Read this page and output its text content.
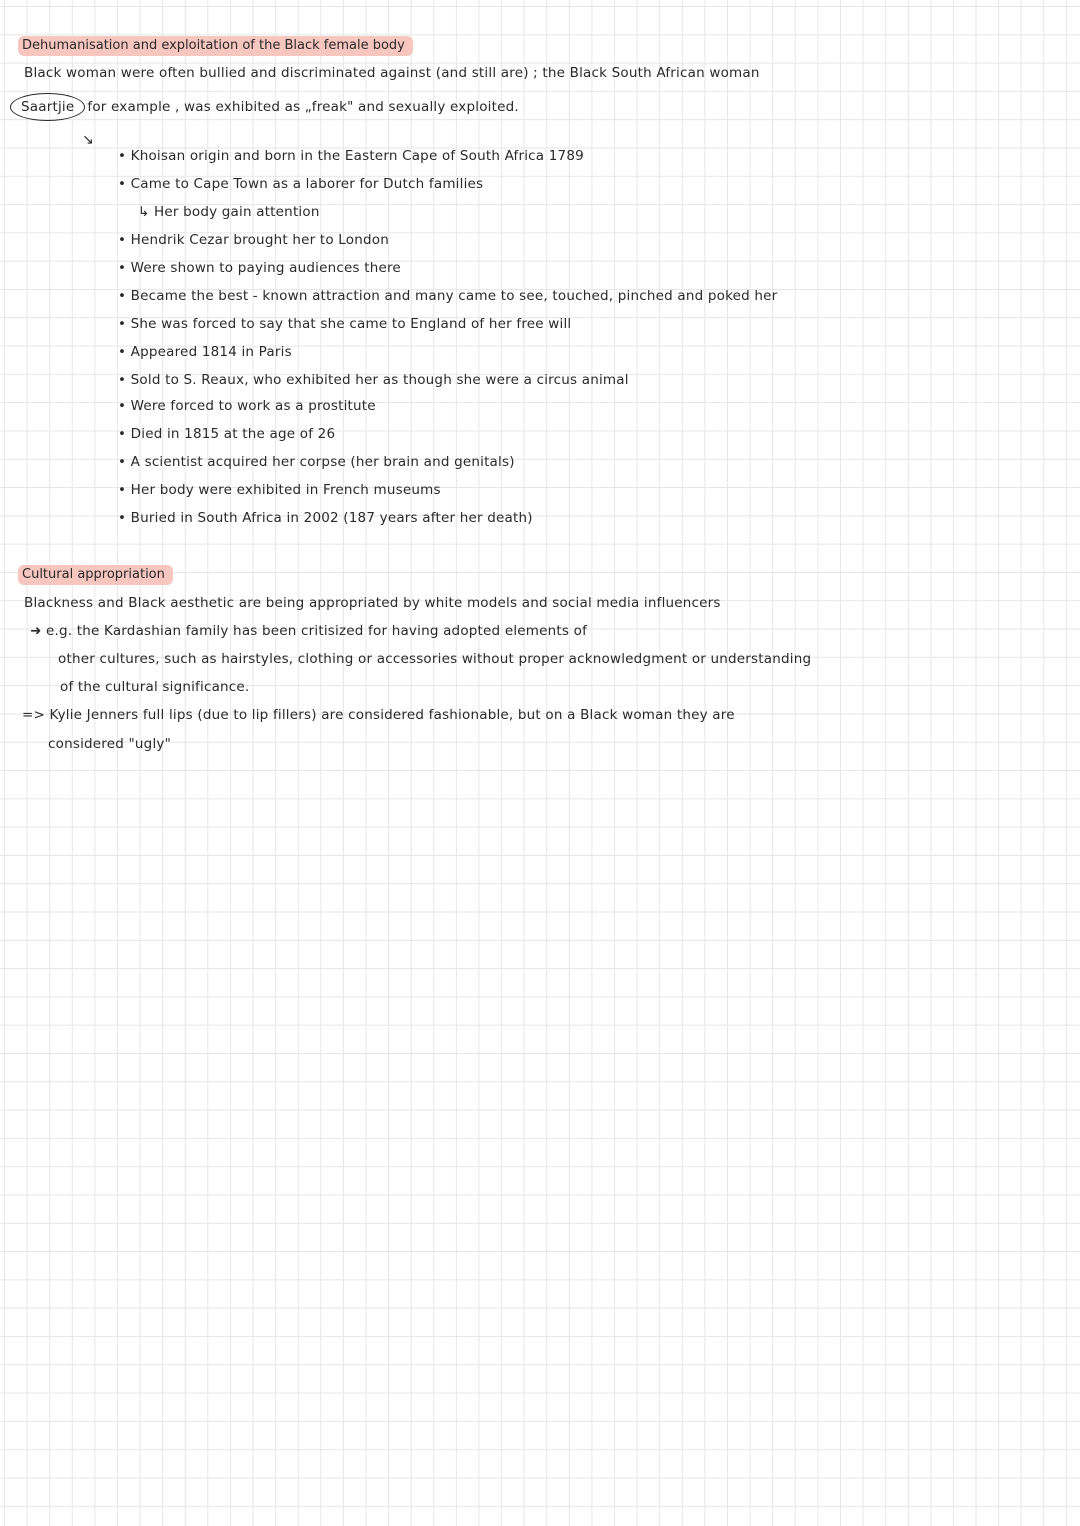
Dehumanisation and exploitation of the Black female body
Black woman were often bullied and discriminated against (and still are) ; the Black South African woman
Saartjie for example , was exhibited as „freak" and sexually exploited.
↘
• Khoisan origin and born in the Eastern Cape of South Africa 1789
• Came to Cape Town as a laborer for Dutch families
↳ Her body gain attention
• Hendrik Cezar brought her to London
• Were shown to paying audiences there
• Became the best - known attraction and many came to see, touched, pinched and poked her
• She was forced to say that she came to England of her free will
• Appeared 1814 in Paris
• Sold to S. Reaux, who exhibited her as though she were a circus animal
• Were forced to work as a prostitute
• Died in 1815 at the age of 26
• A scientist acquired her corpse (her brain and genitals)
• Her body were exhibited in French museums
• Buried in South Africa in 2002 (187 years after her death)
Cultural appropriation
Blackness and Black aesthetic are being appropriated by white models and social media influencers
➜ e.g. the Kardashian family has been critisized for having adopted elements of
other cultures, such as hairstyles, clothing or accessories without proper acknowledgment or understanding
of the cultural significance.
=> Kylie Jenners full lips (due to lip fillers) are considered fashionable, but on a Black woman they are
considered "ugly"
